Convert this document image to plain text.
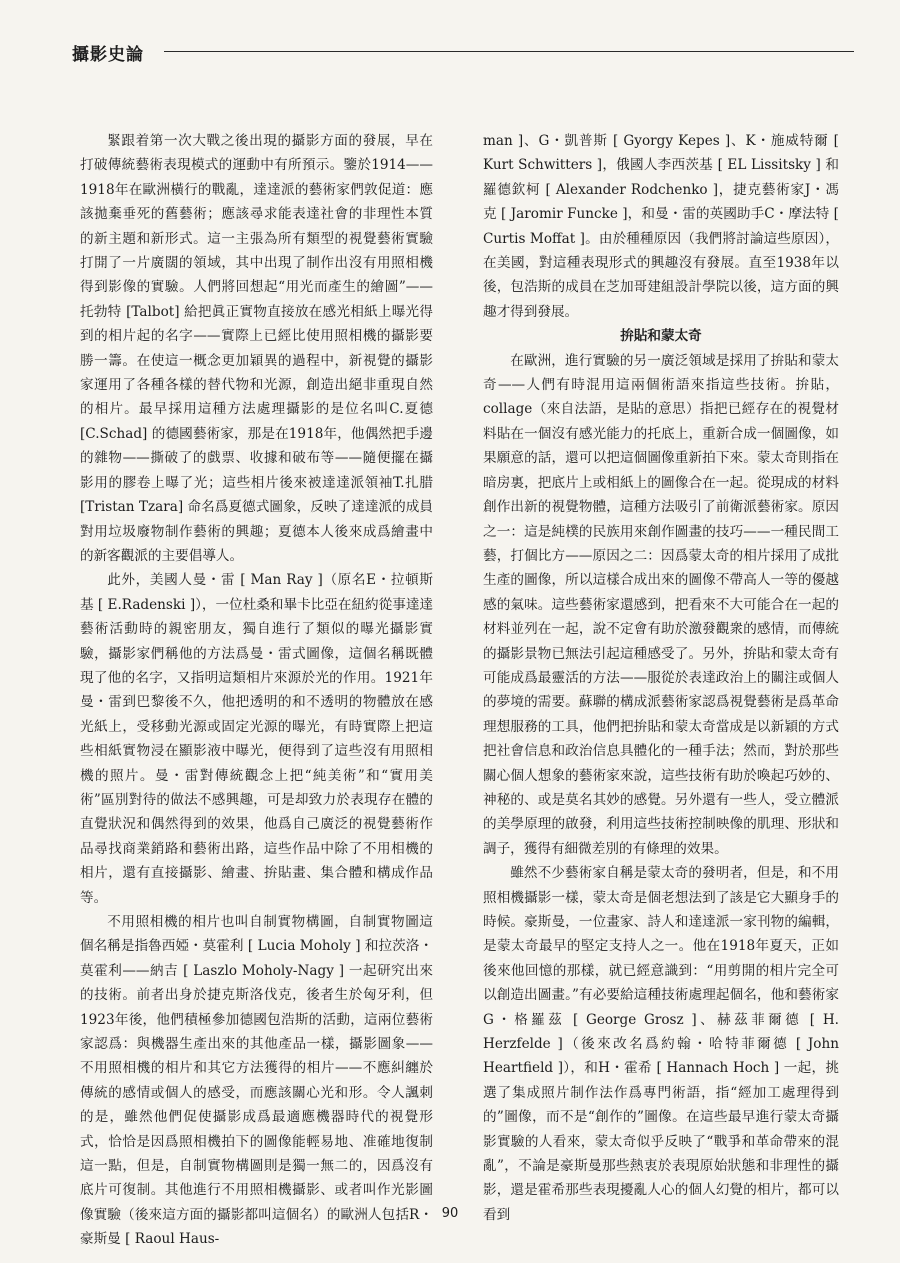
攝影史論

緊跟着第一次大戰之後出現的攝影方面的發展，早在打破傳統藝術表現模式的運動中有所預示。鑒於1914——1918年在歐洲橫行的戰亂，達達派的藝術家們敦促道：應該拋棄垂死的舊藝術；應該尋求能表達社會的非理性本質的新主題和新形式。這一主張為所有類型的視覺藝術實驗打開了一片廣闊的領域，其中出現了制作出沒有用照相機得到影像的實驗。人們將回想起“用光而產生的繪圖”——托勃特 [Talbot] 給把眞正實物直接放在感光相紙上曝光得到的相片起的名字——實際上已經比使用照相機的攝影要勝一籌。在使這一概念更加穎異的過程中，新視覺的攝影家運用了各種各樣的替代物和光源，創造出絕非重現自然的相片。最早採用這種方法處理攝影的是位名叫C.夏德 [C.Schad] 的德國藝術家，那是在1918年，他偶然把手邊的雜物——撕破了的戲票、收據和破布等——隨便擺在攝影用的膠卷上曝了光；這些相片後來被達達派領袖T.扎腊 [Tristan Tzara] 命名爲夏德式圖象，反映了達達派的成員對用垃圾廢物制作藝術的興趣；夏德本人後來成爲繪畫中的新客觀派的主要倡導人。

此外，美國人曼・雷 [ Man Ray ]（原名E・拉頓斯基 [ E.Radenski ]），一位杜桑和畢卡比亞在紐約從事達達藝術活動時的親密朋友，獨自進行了類似的曝光攝影實驗，攝影家們稱他的方法爲曼・雷式圖像，這個名稱既體現了他的名字，又指明這類相片來源於光的作用。1921年曼・雷到巴黎後不久，他把透明的和不透明的物體放在感光紙上，受移動光源或固定光源的曝光，有時實際上把這些相紙實物浸在顯影液中曝光，便得到了這些沒有用照相機的照片。曼・雷對傳統觀念上把“純美術”和“實用美術”區別對待的做法不感興趣，可是却致力於表現存在體的直覺狀況和偶然得到的效果，他爲自己廣泛的視覺藝術作品尋找商業銷路和藝術出路，這些作品中除了不用相機的相片，還有直接攝影、繪畫、拚貼畫、集合體和構成作品等。

不用照相機的相片也叫自制實物構圖，自制實物圖這個名稱是指魯西婭・莫霍利 [ Lucia Moholy ] 和拉茨洛・莫霍利——納吉 [ Laszlo Moholy-Nagy ] 一起研究出來的技術。前者出身於捷克斯洛伐克，後者生於匈牙利，但1923年後，他們積極參加德國包浩斯的活動，這兩位藝術家認爲：與機器生產出來的其他產品一樣，攝影圖象——不用照相機的相片和其它方法獲得的相片——不應糾纏於傳統的感情或個人的感受，而應該關心光和形。令人諷刺的是，雖然他們促使攝影成爲最適應機器時代的視覺形式，恰恰是因爲照相機拍下的圖像能輕易地、准確地復制這一點，但是，自制實物構圖則是獨一無二的，因爲沒有底片可復制。其他進行不用照相機攝影、或者叫作光影圖像實驗（後來這方面的攝影都叫這個名）的歐洲人包括R・豪斯曼 [ Raoul Haus-

man ]、G・凱普斯 [ Gyorgy Kepes ]、K・施威特爾 [ Kurt Schwitters ]，俄國人李西茨基 [ EL Lissitsky ] 和羅德欽柯 [ Alexander Rodchenko ]，捷克藝術家J・馮克 [ Jaromir Funcke ]，和曼・雷的英國助手C・摩法特 [ Curtis Moffat ]。由於種種原因（我們將討論這些原因），在美國，對這種表現形式的興趣沒有發展。直至1938年以後，包浩斯的成員在芝加哥建組設計學院以後，這方面的興趣才得到發展。

拚貼和蒙太奇

在歐洲，進行實驗的另一廣泛領域是採用了拚貼和蒙太奇——人們有時混用這兩個術語來指這些技術。拚貼，collage（來自法語，是貼的意思）指把已經存在的視覺材料貼在一個沒有感光能力的托底上，重新合成一個圖像，如果願意的話，還可以把這個圖像重新拍下來。蒙太奇則指在暗房裏，把底片上或相紙上的圖像合在一起。從現成的材料創作出新的視覺物體，這種方法吸引了前衛派藝術家。原因之一：這是純樸的民族用來創作圖畫的技巧——一種民間工藝，打個比方——原因之二：因爲蒙太奇的相片採用了成批生產的圖像，所以這樣合成出來的圖像不帶高人一等的優越感的氣味。這些藝術家還感到，把看來不大可能合在一起的材料並列在一起，說不定會有助於激發觀衆的感情，而傳統的攝影景物已無法引起這種感受了。另外，拚貼和蒙太奇有可能成爲最靈活的方法——服從於表達政治上的關注或個人的夢境的需要。蘇聯的構成派藝術家認爲視覺藝術是爲革命理想服務的工具，他們把拚貼和蒙太奇當成是以新穎的方式把社會信息和政治信息具體化的一種手法；然而，對於那些關心個人想象的藝術家來說，這些技術有助於喚起巧妙的、神秘的、或是莫名其妙的感覺。另外還有一些人，受立體派的美學原理的啟發，利用這些技術控制映像的肌理、形狀和調子，獲得有細微差別的有條理的效果。

雖然不少藝術家自稱是蒙太奇的發明者，但是，和不用照相機攝影一樣，蒙太奇是個老想法到了該是它大顯身手的時候。豪斯曼，一位畫家、詩人和達達派一家刊物的編輯，是蒙太奇最早的堅定支持人之一。他在1918年夏天，正如後來他回憶的那樣，就已經意識到：“用剪開的相片完全可以創造出圖畫。”有必要給這種技術處理起個名，他和藝術家G・格羅茲 [ George Grosz ]、赫茲菲爾德 [ H. Herzfelde ]（後來改名爲約翰・哈特菲爾德 [ John Heartfield ]），和H・霍希 [ Hannach Hoch ] 一起，挑選了集成照片制作法作爲專門術語，指“經加工處理得到的”圖像，而不是“創作的”圖像。在這些最早進行蒙太奇攝影實驗的人看來，蒙太奇似乎反映了“戰爭和革命帶來的混亂”，不論是豪斯曼那些熱衷於表現原始狀態和非理性的攝影，還是霍希那些表現擾亂人心的個人幻覺的相片，都可以看到

90
